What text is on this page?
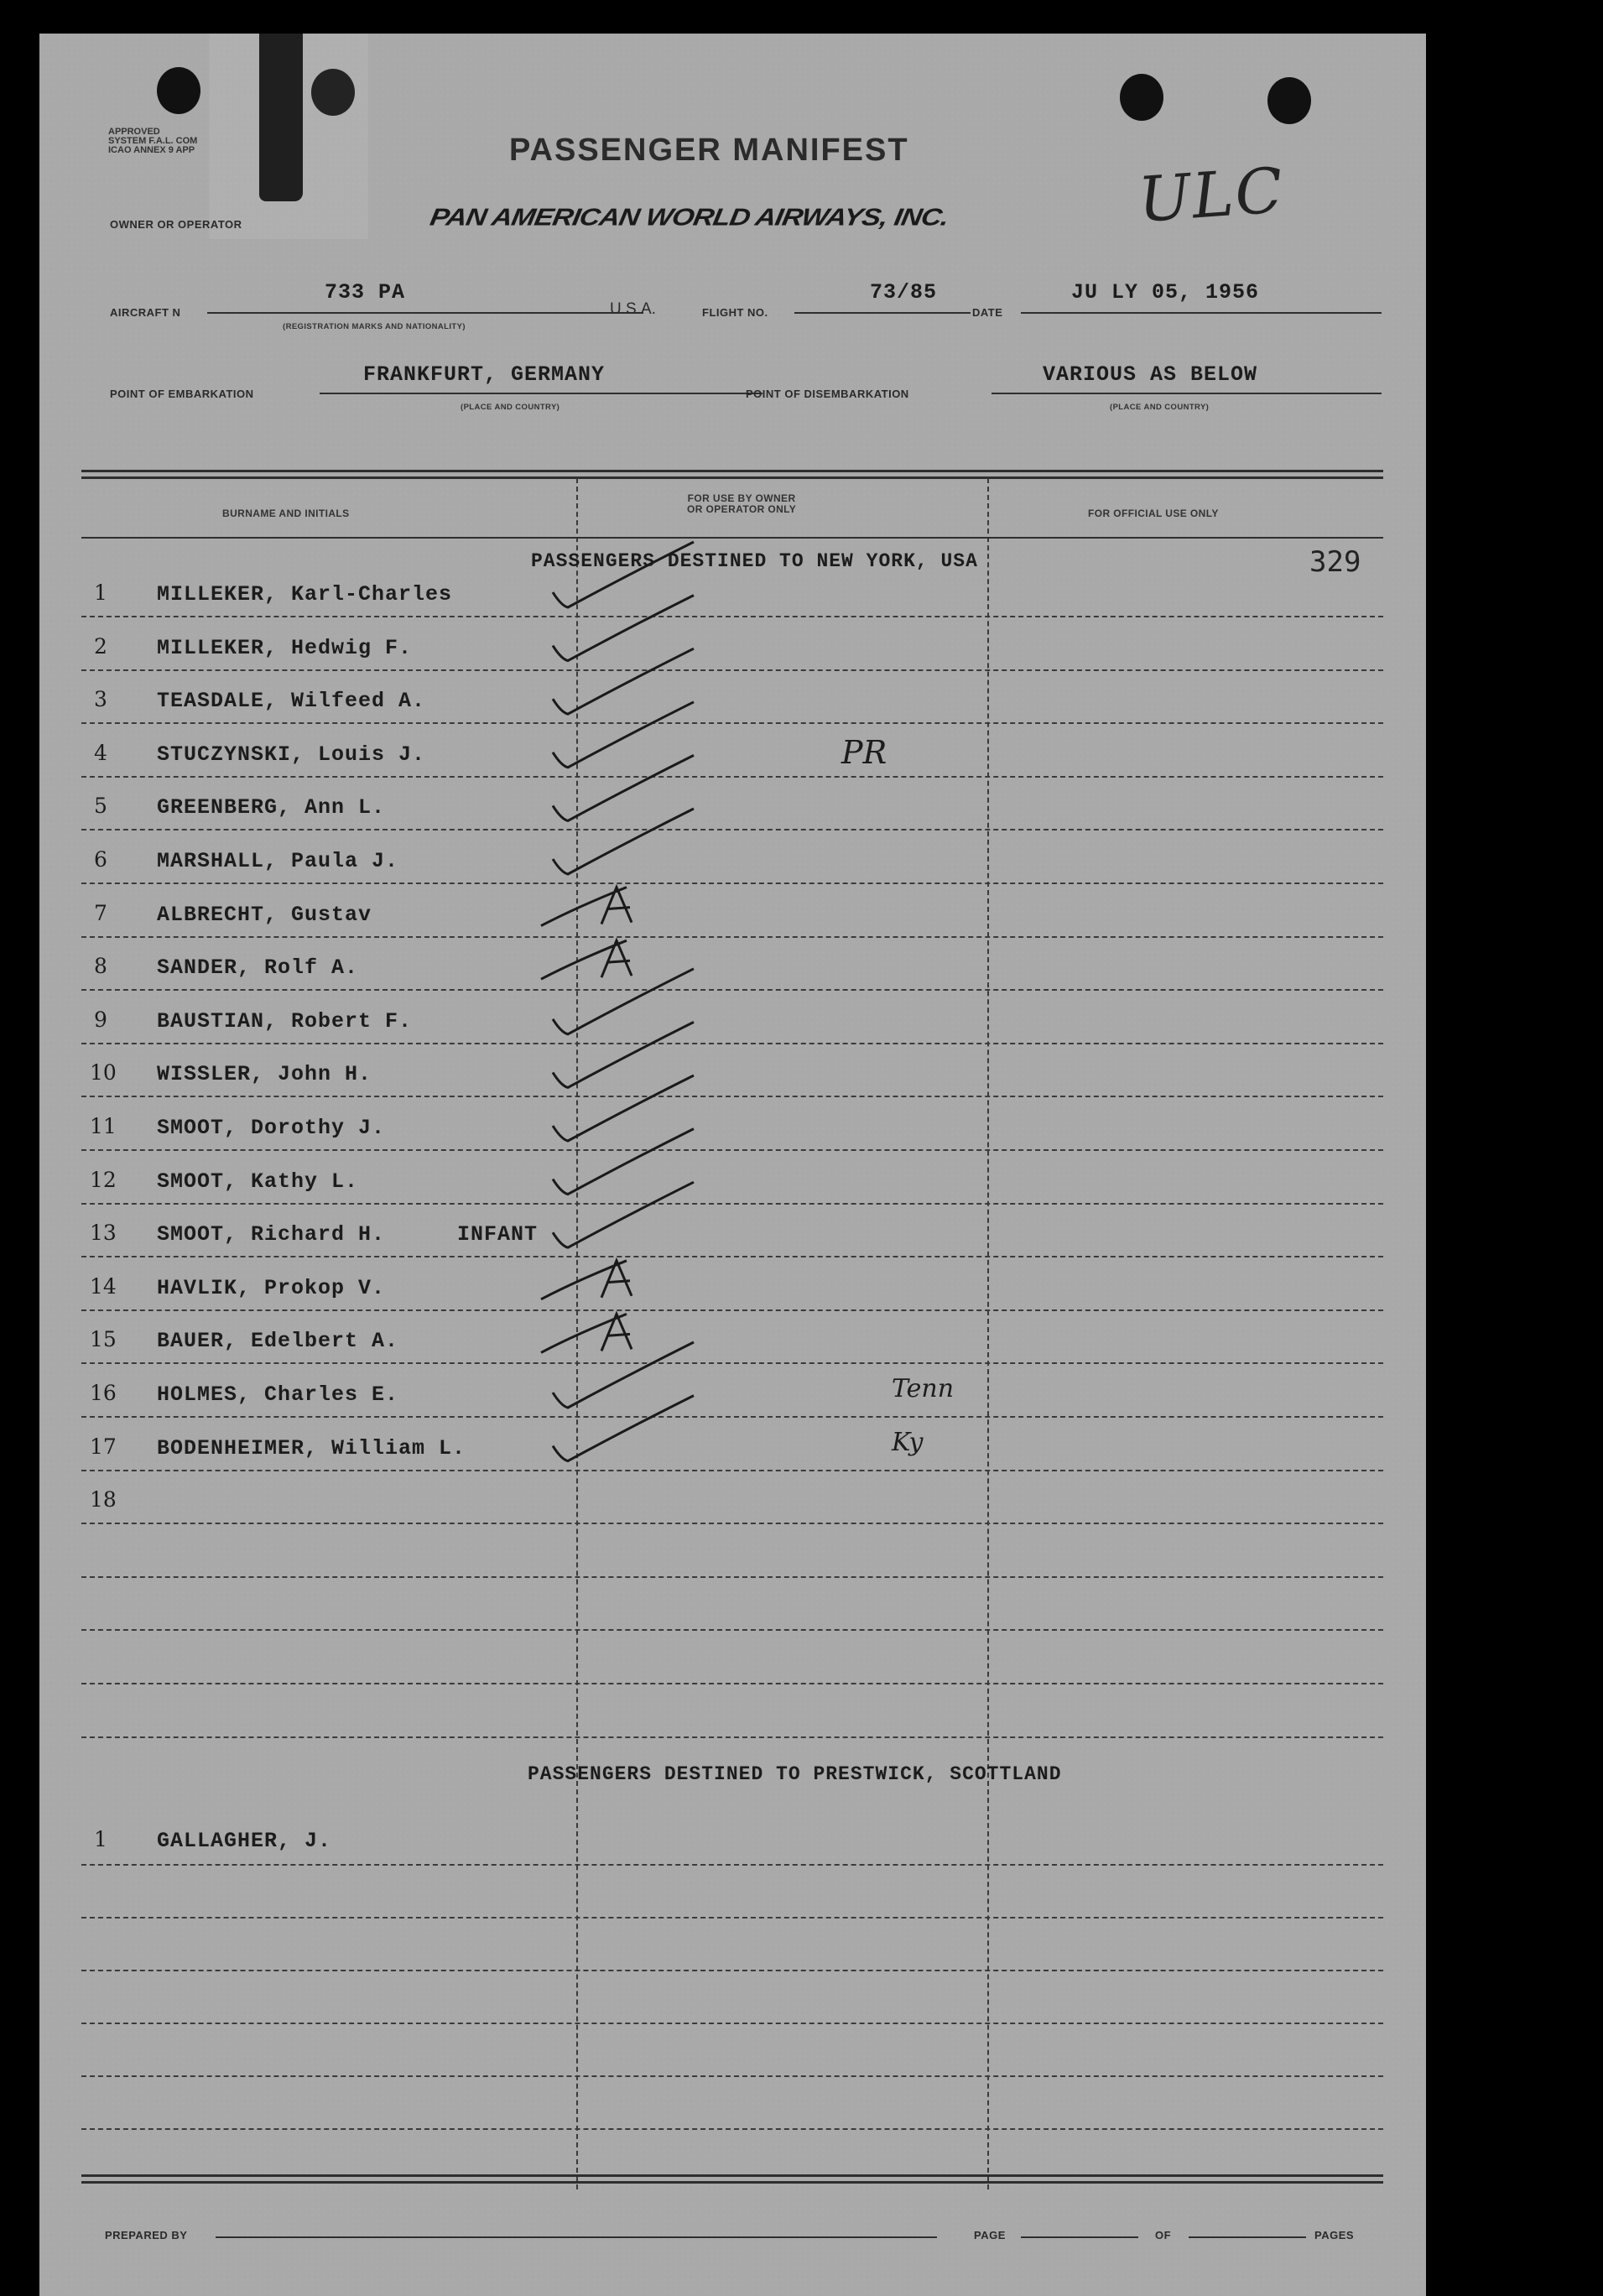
APPROVED
SYSTEM F.A.L. COM
ICAO ANNEX 9 APP	PASSENGER MANIFEST
OWNER OR OPERATOR	PAN AMERICAN WORLD AIRWAYS, INC.	ULC
AIRCRAFT N
733 PA
(REGISTRATION MARKS AND NATIONALITY)
U.S.A.	FLIGHT NO.
73/85
DATE
JU LY 05, 1956
POINT OF EMBARKATION
FRANKFURT, GERMANY
(PLACE AND COUNTRY)
POINT OF DISEMBARKATION
VARIOUS AS BELOW
(PLACE AND COUNTRY)
BURNAME AND INITIALS
FOR USE BY OWNER
OR OPERATOR ONLY	FOR OFFICIAL USE ONLY
PASSENGERS DESTINED TO NEW YORK, USA	329
1 MILLEKER, Karl-Charles
2 MILLEKER, Hedwig F.
3 TEASDALE, Wilfeed A.
4 STUCZYNSKI, Louis J.	PR
5 GREENBERG, Ann L.
6 MARSHALL, Paula J.
7 ALBRECHT, Gustav
8 SANDER, Rolf A.
9 BAUSTIAN, Robert F.
10 WISSLER, John H.
11 SMOOT, Dorothy J.
12 SMOOT, Kathy L.
13 SMOOT, Richard H.	INFANT
14 HAVLIK, Prokop V.
15 BAUER, Edelbert A.
16 HOLMES, Charles E.	Tenn
17 BODENHEIMER, William L.	Ky
18
PASSENGERS DESTINED TO PRESTWICK, SCOTTLAND
1 GALLAGHER, J.
PREPARED BY	PAGE	OF	PAGES
